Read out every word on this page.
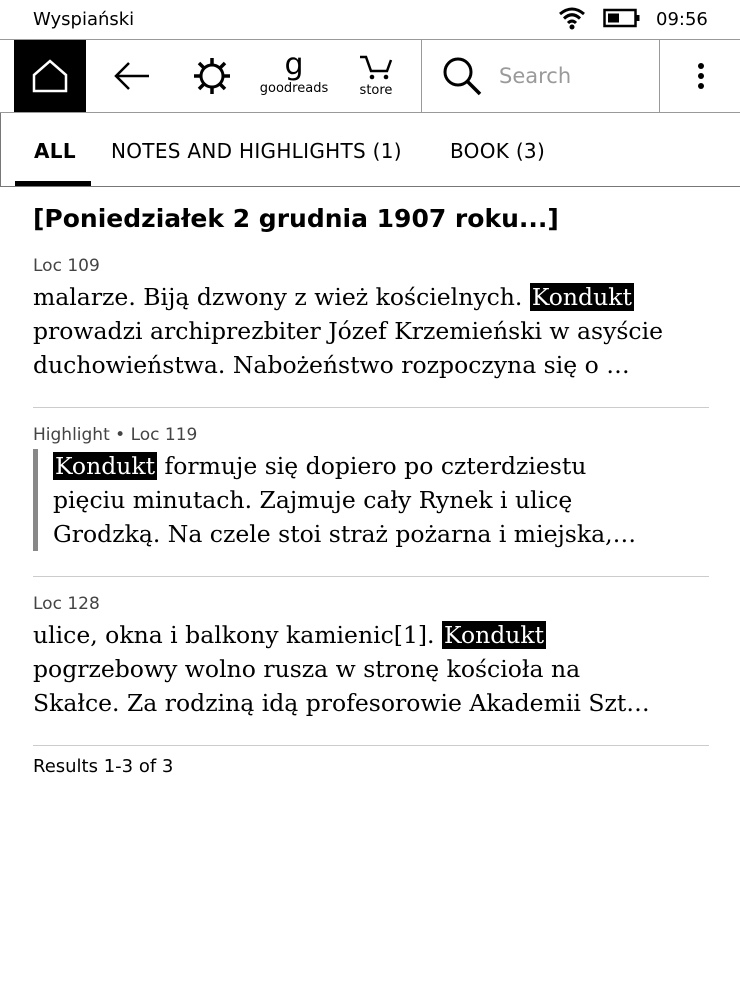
Wyspiański	09:56
g
goodreads store
Search
ALL NOTES AND HIGHLIGHTS (1) BOOK (3)
[Poniedziałek 2 grudnia 1907 roku...]
Loc 109
malarze. Biją dzwony z wież kościelnych. Kondukt
prowadzi archiprezbiter Józef Krzemieński w asyście
duchowieństwa. Nabożeństwo rozpoczyna się o …
Highlight • Loc 119
Kondukt formuje się dopiero po czterdziestu
pięciu minutach. Zajmuje cały Rynek i ulicę
Grodzką. Na czele stoi straż pożarna i miejska,…
Loc 128
ulice, okna i balkony kamienic[1]. Kondukt
pogrzebowy wolno rusza w stronę kościoła na
Skałce. Za rodziną idą profesorowie Akademii Szt…
Results 1-3 of 3
